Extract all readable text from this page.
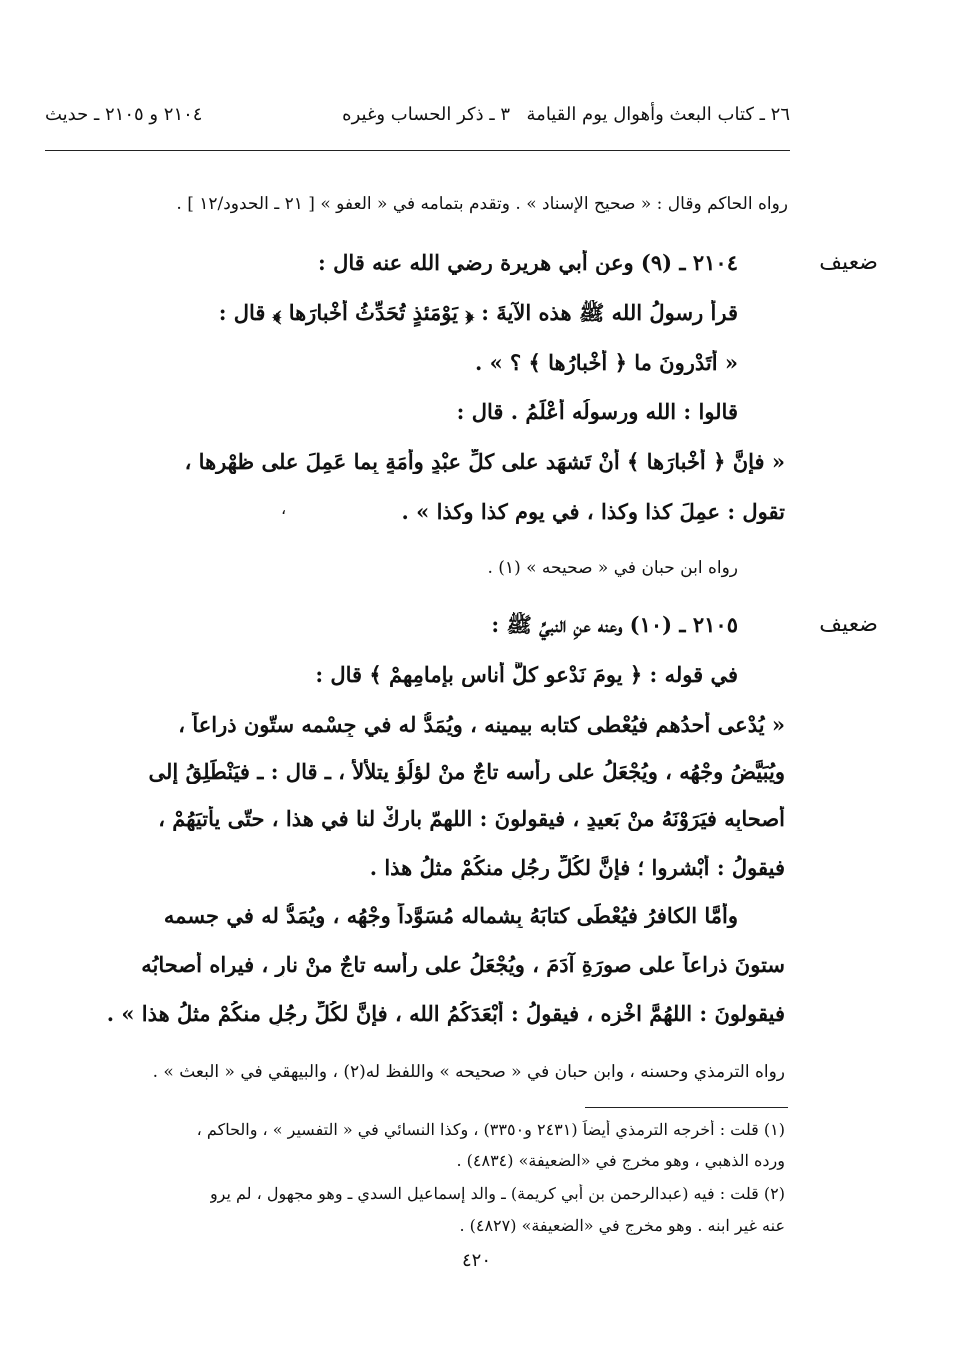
٢٦ ـ كتاب البعث وأهوال يوم القيامة
٣ ـ ذكر الحساب وغيره
٢١٠٤ و ٢١٠٥ ـ حديث
رواه الحاكم وقال : « صحيح الإسناد » . وتقدم بتمامه في « العفو » [ ٢١ ـ الحدود/١٢ ] .
ضعيف
٢١٠٤ ـ (٩) وعن أبي هريرة رضي الله عنه قال :
قرأ رسولُ الله ﷺ هذه الآيةَ : ﴿ يَوْمَئذٍ تُحَدِّثُ أَخْبارَها ﴾ قال :
« أتَدْرونَ ما ﴿ أخْبارُها ﴾ ؟ » .
قالوا : الله ورسولُه أعْلَمُ . قال :
« فإنَّ ﴿ أخْبارَها ﴾ أنْ تَشهَد على كلِّ عبْدٍ وأمَةٍ بِما عَمِلَ على ظهْرِها ،
تقول : عمِلَ كذا وكذا ، في يوم كذا وكذا » .
،
رواه ابن حبان في « صحيحه » (١) .
ضعيف
٢١٠٥ ـ (١٠) وعنه عنِ النبيِّ ﷺ :
في قوله : ﴿ يومَ نَدْعو كلَّ أُناسٍ بإمامِهِمْ ﴾ قال :
« يُدْعى أحدُهم فيُعْطى كتابه بيمينه ، ويُمَدُّ له في جِسْمه ستّون ذراعاً ،
ويُبَيَّضُ وجْهُه ، ويُجْعَلُ على رأسه تاجٌ منْ لؤلُؤٍ يتلألأُ ، ـ قال : ـ فيَنْطَلِقُ إلى
أصحابِه فيَرَوْنَهُ منْ بَعيدٍ ، فيقولونَ : اللهمّ باركْ لنا في هذا ، حتّى يأْتيَهُمْ ،
فيقولُ : أبْشروا ؛ فإنَّ لكُلِّ رجُلٍ منكُمْ مثلُ هذا .
وأمَّا الكافرُ فيُعْطَى كتابَهُ بِشماله مُسَوَّداً وجْهُه ، ويُمَدُّ له في جسمه
ستونَ ذراعاً على صورَةِ آدَمَ ، ويُجْعَلُ على رأْسه تاجٌ منْ نارٍ ، فيراه أصحابُه
فيقولونَ : اللهُمَّ اخْزِه ، فيقولُ : أبْعَدَكُمُ الله ، فإنَّ لكُلِّ رجُلٍ منكُمْ مثلُ هذا » .
رواه الترمذي وحسنه ، وابن حبان في « صحيحه » واللفظ له(٢) ، والبيهقي في « البعث » .
(١) قلت : أخرجه الترمذي أيضاً (٢٤٣١ و٣٣٥٠) ، وكذا النسائي في « التفسير » ، والحاكم ،
ورده الذهبي ، وهو مخرج في «الضعيفة» (٤٨٣٤) .
(٢) قلت : فيه (عبدالرحمن بن أبي كريمة) ـ والد إسماعيل السدي ـ وهو مجهول ، لم يرو
عنه غير ابنه . وهو مخرج في «الضعيفة» (٤٨٢٧) .
٤٢٠
